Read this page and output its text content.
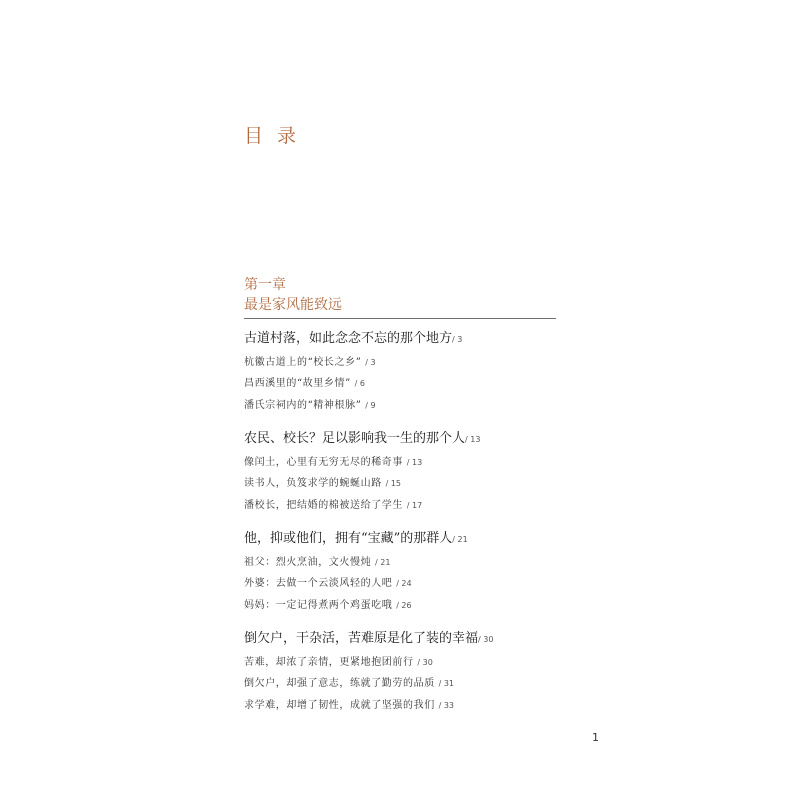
目 录
第一章
最是家风能致远
古道村落，如此念念不忘的那个地方/ 3
杭徽古道上的“校长之乡” / 3
昌西溪里的“故里乡情” / 6
潘氏宗祠内的“精神根脉” / 9
农民、校长？足以影响我一生的那个人/ 13
像闰土，心里有无穷无尽的稀奇事 / 13
读书人，负笈求学的蜿蜒山路 / 15
潘校长，把结婚的棉被送给了学生 / 17
他，抑或他们，拥有“宝藏”的那群人/ 21
祖父：烈火烹油，文火慢炖 / 21
外婆：去做一个云淡风轻的人吧 / 24
妈妈：一定记得煮两个鸡蛋吃哦 / 26
倒欠户，干杂活，苦难原是化了装的幸福/ 30
苦难，却浓了亲情，更紧地抱团前行 / 30
倒欠户，却强了意志，练就了勤劳的品质 / 31
求学难，却增了韧性，成就了坚强的我们 / 33
1
